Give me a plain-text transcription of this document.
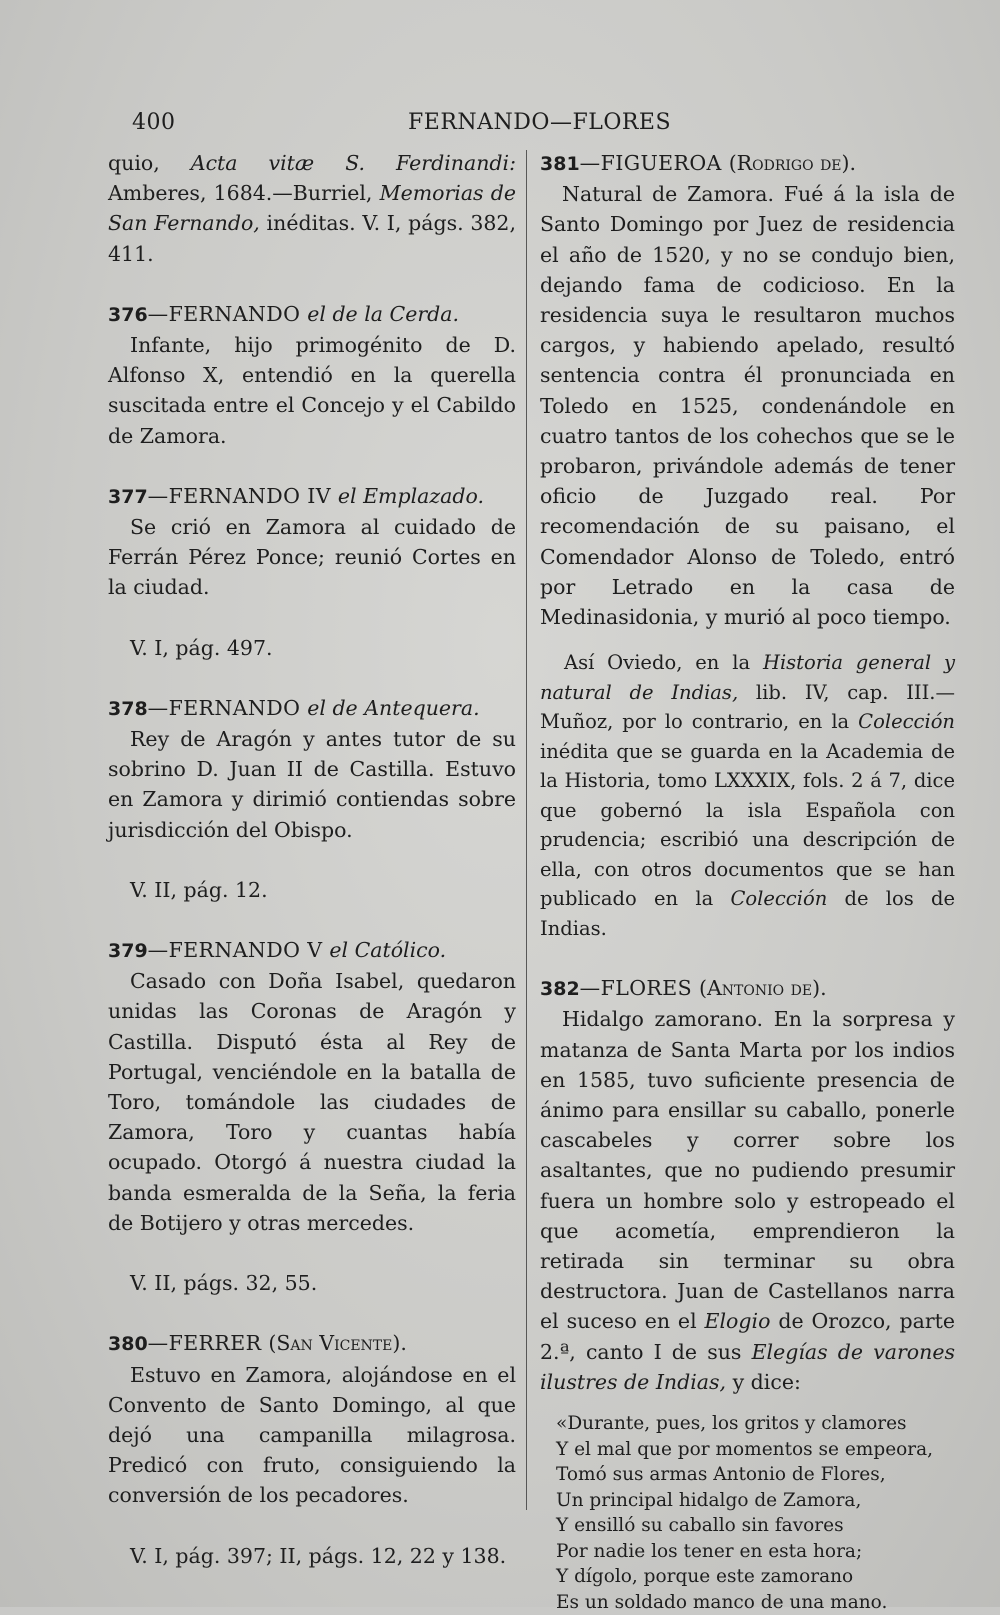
400	FERNANDO—FLORES

quio, Acta vitæ S. Ferdinandi: Amberes, 1684.—Burriel, Memorias de San Fernando, inéditas. V. I, págs. 382, 411.

376—FERNANDO el de la Cerda.

Infante, hijo primogénito de D. Alfonso X, entendió en la querella suscitada entre el Concejo y el Cabildo de Zamora.

377—FERNANDO IV el Emplazado.

Se crió en Zamora al cuidado de Ferrán Pérez Ponce; reunió Cortes en la ciudad.

V. I, pág. 497.

378—FERNANDO el de Antequera.

Rey de Aragón y antes tutor de su sobrino D. Juan II de Castilla. Estuvo en Zamora y dirimió contiendas sobre jurisdicción del Obispo.

V. II, pág. 12.

379—FERNANDO V el Católico.

Casado con Doña Isabel, quedaron unidas las Coronas de Aragón y Castilla. Disputó ésta al Rey de Portugal, venciéndole en la batalla de Toro, tomándole las ciudades de Zamora, Toro y cuantas había ocupado. Otorgó á nuestra ciudad la banda esmeralda de la Seña, la feria de Botijero y otras mercedes.

V. II, págs. 32, 55.

380—FERRER (San Vicente).

Estuvo en Zamora, alojándose en el Convento de Santo Domingo, al que dejó una campanilla milagrosa. Predicó con fruto, consiguiendo la conversión de los pecadores.

V. I, pág. 397; II, págs. 12, 22 y 138.

381—FIGUEROA (Rodrigo de).

Natural de Zamora. Fué á la isla de Santo Domingo por Juez de residencia el año de 1520, y no se condujo bien, dejando fama de codicioso. En la residencia suya le resultaron muchos cargos, y habiendo apelado, resultó sentencia contra él pronunciada en Toledo en 1525, condenándole en cuatro tantos de los cohechos que se le probaron, privándole además de tener oficio de Juzgado real. Por recomendación de su paisano, el Comendador Alonso de Toledo, entró por Letrado en la casa de Medinasidonia, y murió al poco tiempo.

Así Oviedo, en la Historia general y natural de Indias, lib. IV, cap. III.—Muñoz, por lo contrario, en la Colección inédita que se guarda en la Academia de la Historia, tomo LXXXIX, fols. 2 á 7, dice que gobernó la isla Española con prudencia; escribió una descripción de ella, con otros documentos que se han publicado en la Colección de los de Indias.

382—FLORES (Antonio de).

Hidalgo zamorano. En la sorpresa y matanza de Santa Marta por los indios en 1585, tuvo suficiente presencia de ánimo para ensillar su caballo, ponerle cascabeles y correr sobre los asaltantes, que no pudiendo presumir fuera un hombre solo y estropeado el que acometía, emprendieron la retirada sin terminar su obra destructora. Juan de Castellanos narra el suceso en el Elogio de Orozco, parte 2.ª, canto I de sus Elegías de varones ilustres de Indias, y dice:

«Durante, pues, los gritos y clamores
Y el mal que por momentos se empeora,
Tomó sus armas Antonio de Flores,
Un principal hidalgo de Zamora,
Y ensilló su caballo sin favores
Por nadie los tener en esta hora;
Y dígolo, porque este zamorano
Es un soldado manco de una mano.
